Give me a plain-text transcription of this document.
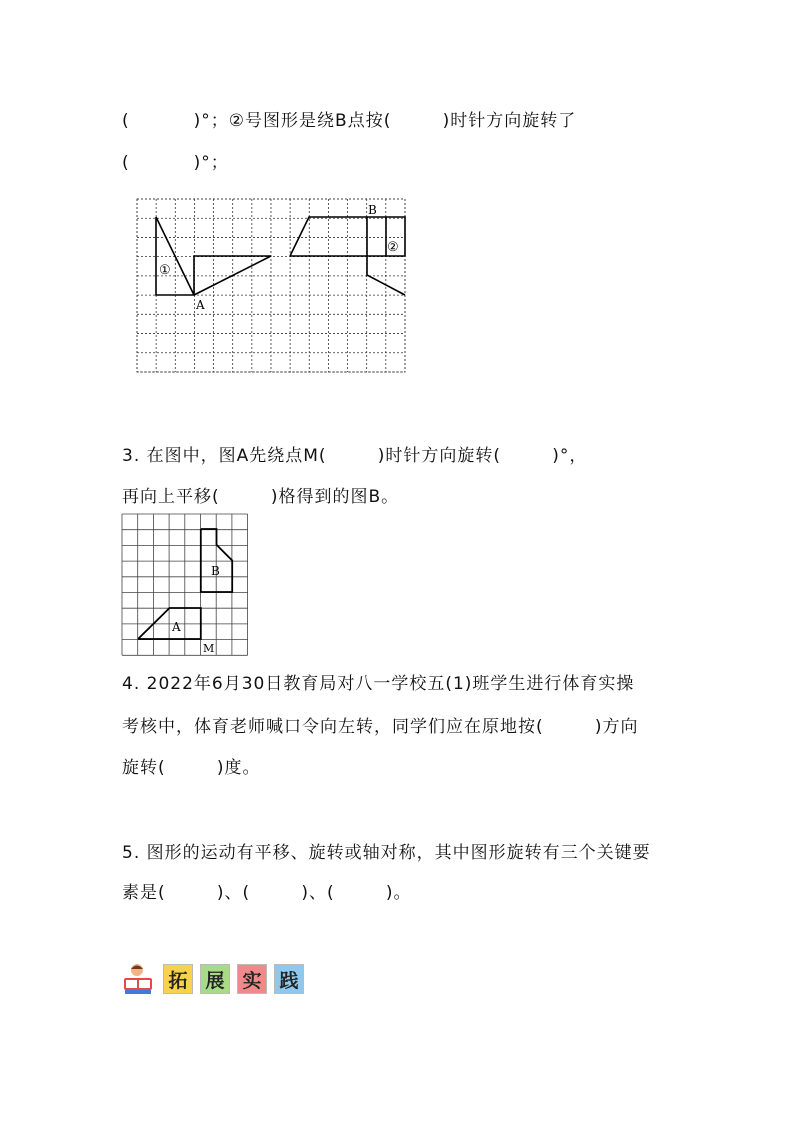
(          )°；②号图形是绕B点按(        )时针方向旋转了
(          )°；
①
②
A
B
3. 在图中，图A先绕点M(        )时针方向旋转(        )°，
再向上平移(        )格得到的图B。
B
A
M
4. 2022年6月30日教育局对八一学校五(1)班学生进行体育实操
考核中，体育老师喊口令向左转，同学们应在原地按(        )方向
旋转(        )度。
5. 图形的运动有平移、旋转或轴对称，其中图形旋转有三个关键要
素是(        )、(        )、(        )。
拓 展 实 践
